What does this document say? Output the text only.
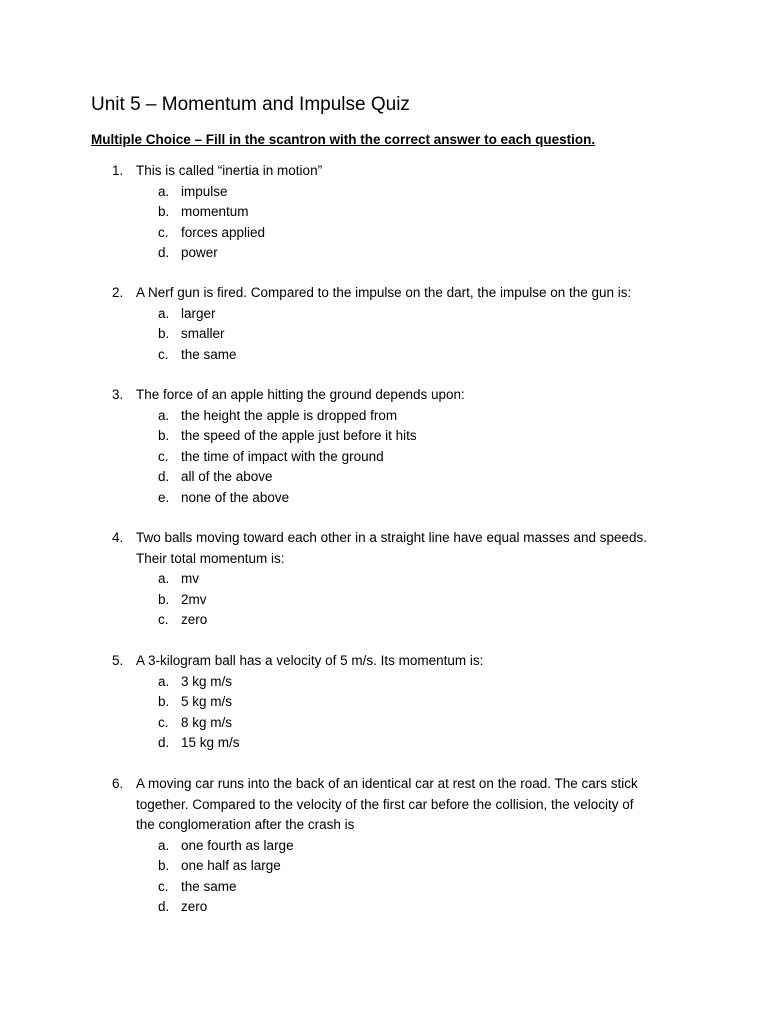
Unit 5 – Momentum and Impulse Quiz
Multiple Choice – Fill in the scantron with the correct answer to each question.
1. This is called “inertia in motion”
a. impulse
b. momentum
c. forces applied
d. power
2. A Nerf gun is fired. Compared to the impulse on the dart, the impulse on the gun is:
a. larger
b. smaller
c. the same
3. The force of an apple hitting the ground depends upon:
a. the height the apple is dropped from
b. the speed of the apple just before it hits
c. the time of impact with the ground
d. all of the above
e. none of the above
4. Two balls moving toward each other in a straight line have equal masses and speeds.
Their total momentum is:
a. mv
b. 2mv
c. zero
5. A 3-kilogram ball has a velocity of 5 m/s. Its momentum is:
a. 3 kg m/s
b. 5 kg m/s
c. 8 kg m/s
d. 15 kg m/s
6. A moving car runs into the back of an identical car at rest on the road. The cars stick
together. Compared to the velocity of the first car before the collision, the velocity of
the conglomeration after the crash is
a. one fourth as large
b. one half as large
c. the same
d. zero
